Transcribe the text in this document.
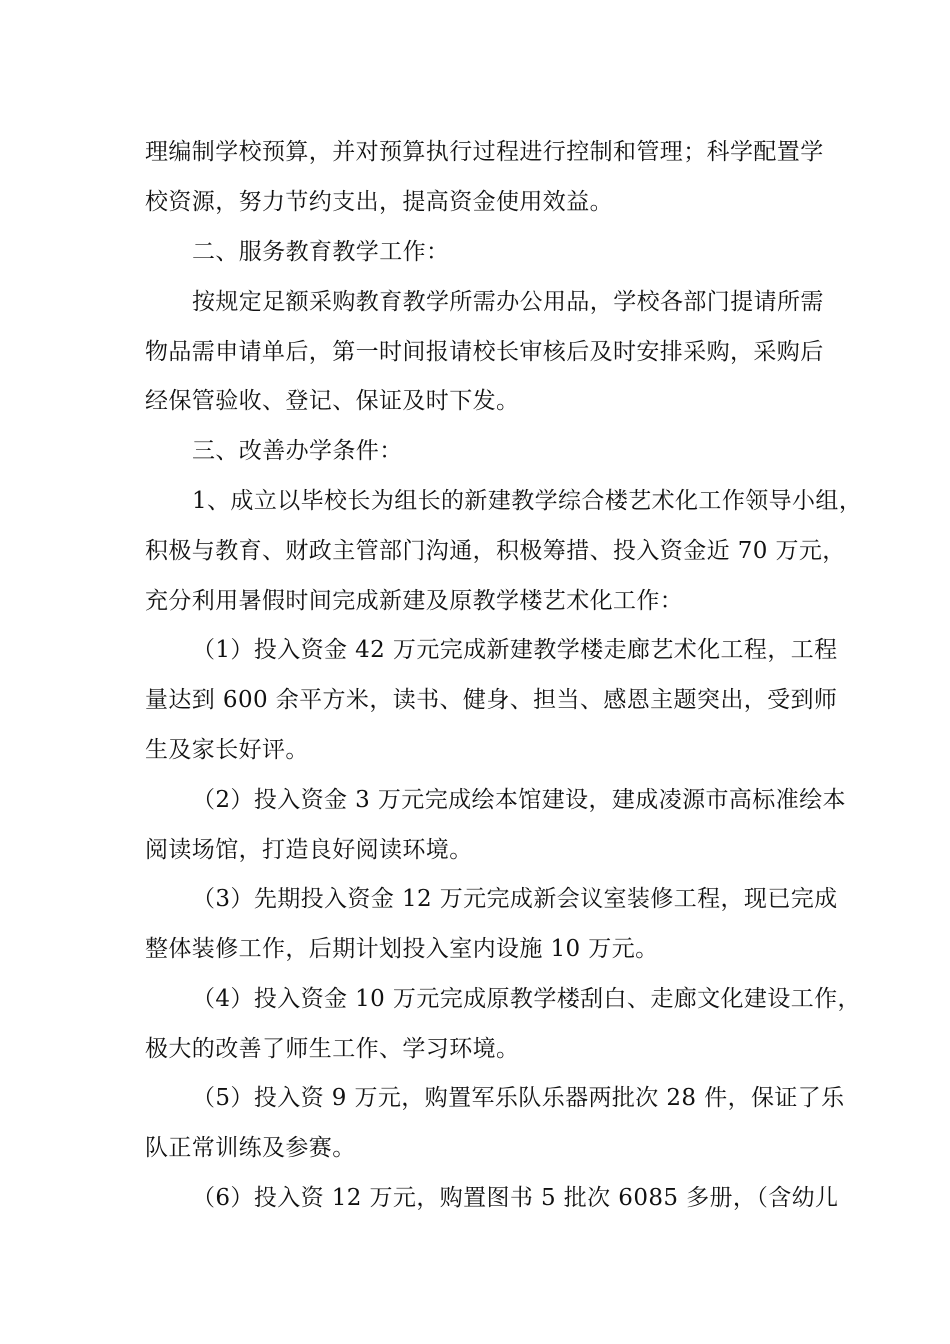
理编制学校预算，并对预算执行过程进行控制和管理；科学配置学
校资源，努力节约支出，提高资金使用效益。
二、服务教育教学工作：
按规定足额采购教育教学所需办公用品，学校各部门提请所需
物品需申请单后，第一时间报请校长审核后及时安排采购，采购后
经保管验收、登记、保证及时下发。
三、改善办学条件：
1、成立以毕校长为组长的新建教学综合楼艺术化工作领导小组，
积极与教育、财政主管部门沟通，积极筹措、投入资金近 70 万元，
充分利用暑假时间完成新建及原教学楼艺术化工作：
（1）投入资金 42 万元完成新建教学楼走廊艺术化工程，工程
量达到 600 余平方米，读书、健身、担当、感恩主题突出，受到师
生及家长好评。
（2）投入资金 3 万元完成绘本馆建设，建成凌源市高标准绘本
阅读场馆，打造良好阅读环境。
（3）先期投入资金 12 万元完成新会议室装修工程，现已完成
整体装修工作，后期计划投入室内设施 10 万元。
（4）投入资金 10 万元完成原教学楼刮白、走廊文化建设工作，
极大的改善了师生工作、学习环境。
（5）投入资 9 万元，购置军乐队乐器两批次 28 件，保证了乐
队正常训练及参赛。
（6）投入资 12 万元，购置图书 5 批次 6085 多册，（含幼儿
